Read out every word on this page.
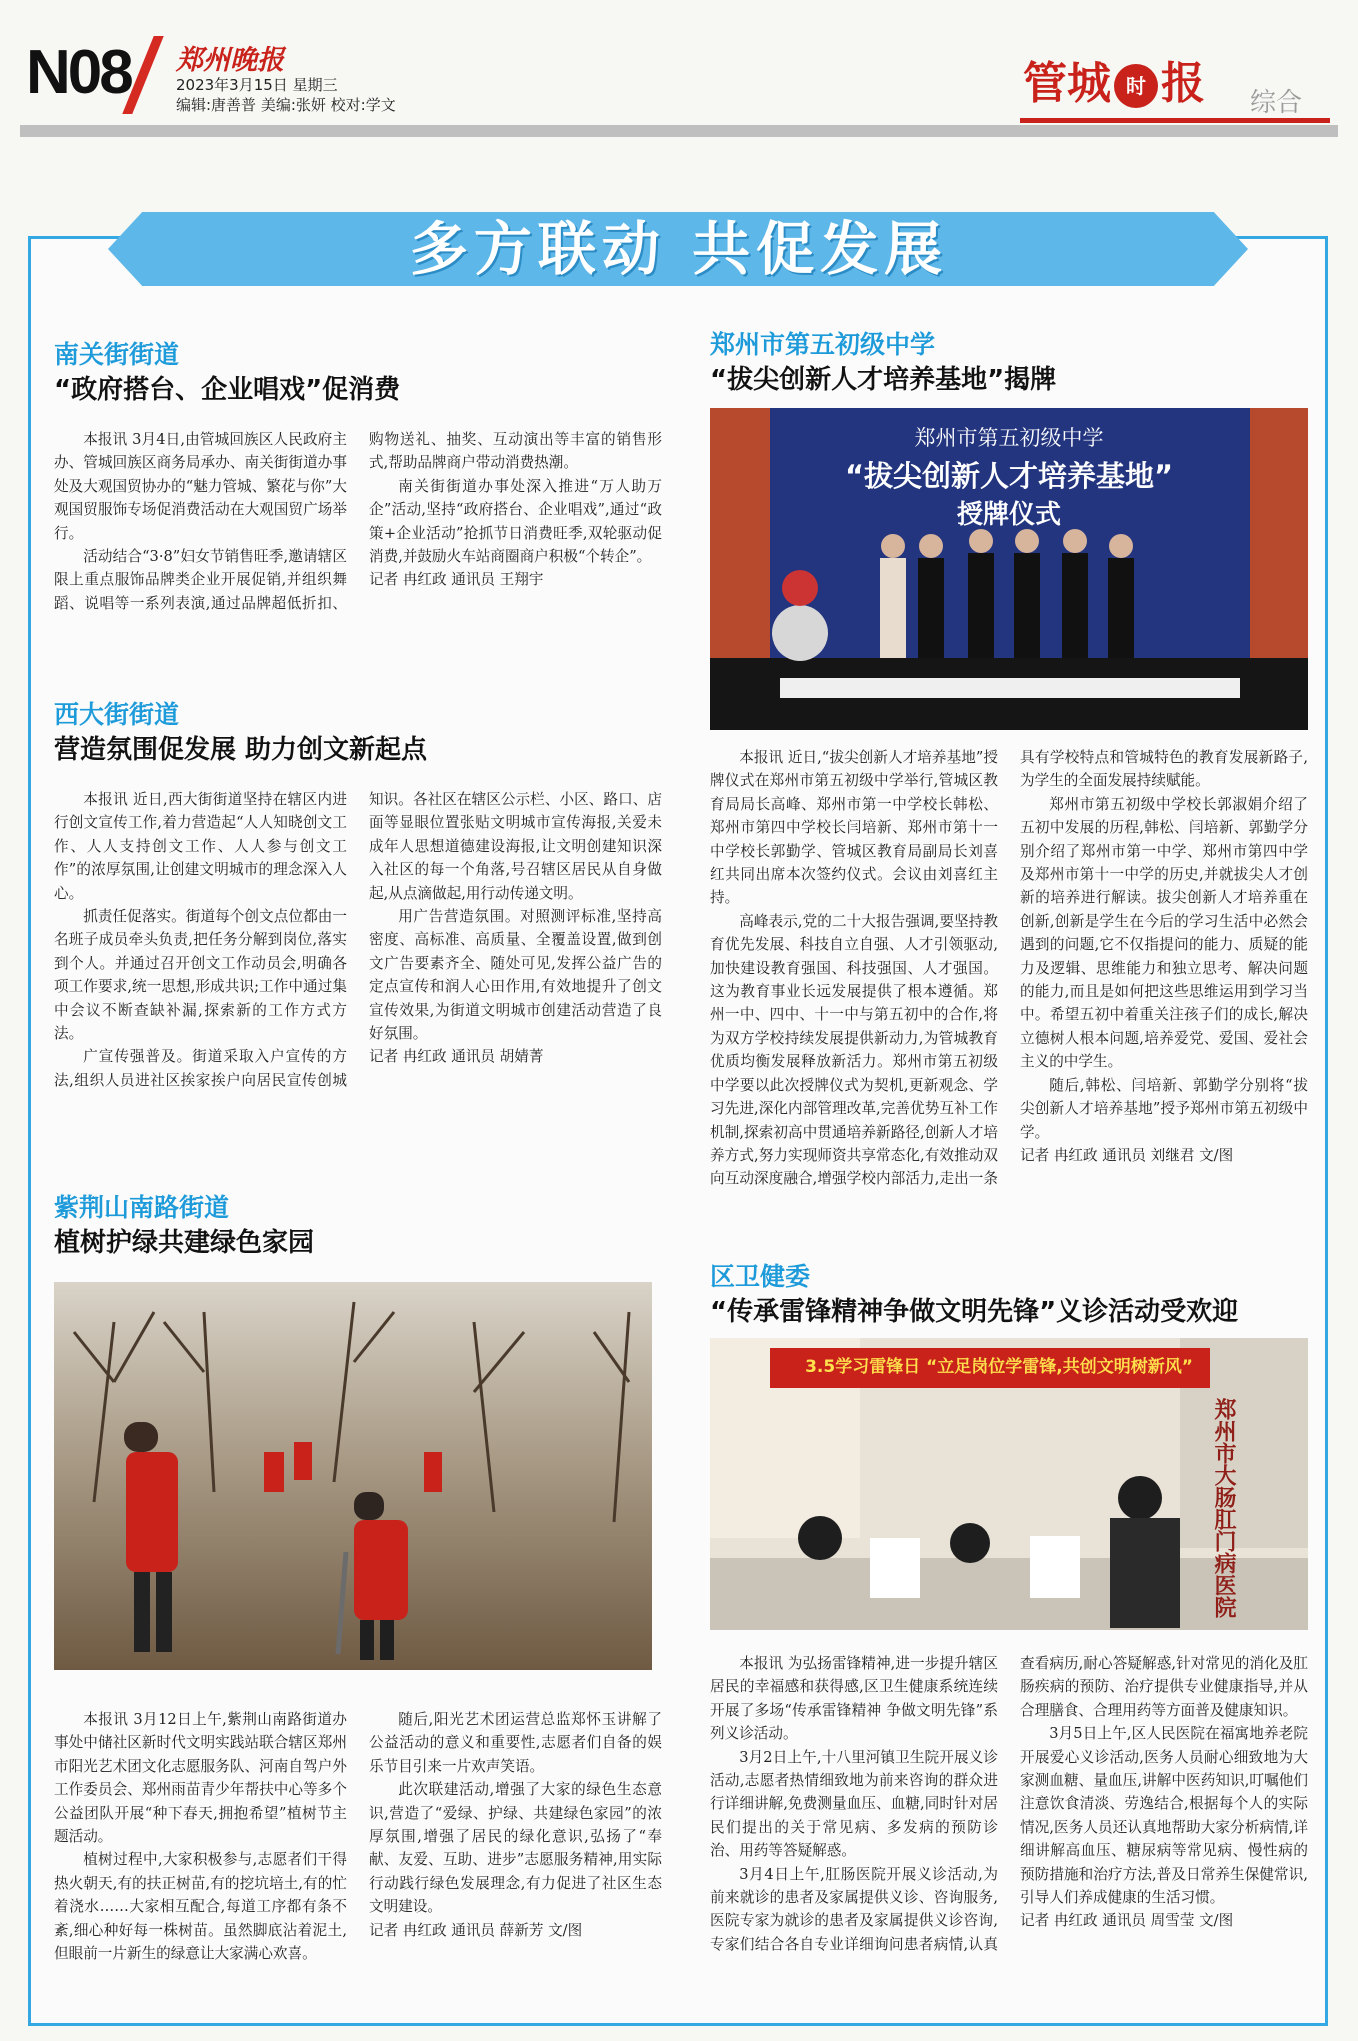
N08 郑州晚报
2023年3月15日 星期三
编辑:唐善普 美编:张妍 校对:学文	管城 时 报 综合
多方联动 共促发展
南关街街道
“政府搭台、企业唱戏”促消费

本报讯 3月4日,由管城回族区人民政府主办、管城回族区商务局承办、南关街街道办事处及大观国贸协办的“魅力管城、繁花与你”大观国贸服饰专场促消费活动在大观国贸广场举行。

活动结合“3·8”妇女节销售旺季,邀请辖区限上重点服饰品牌类企业开展促销,并组织舞蹈、说唱等一系列表演,通过品牌超低折扣、购物送礼、抽奖、互动演出等丰富的销售形式,帮助品牌商户带动消费热潮。

南关街街道办事处深入推进“万人助万企”活动,坚持“政府搭台、企业唱戏”,通过“政策+企业活动”抢抓节日消费旺季,双轮驱动促消费,并鼓励火车站商圈商户积极“个转企”。

记者 冉红政 通讯员 王翔宇

西大街街道
营造氛围促发展 助力创文新起点

本报讯 近日,西大街街道坚持在辖区内进行创文宣传工作,着力营造起“人人知晓创文工作、人人支持创文工作、人人参与创文工作”的浓厚氛围,让创建文明城市的理念深入人心。

抓责任促落实。街道每个创文点位都由一名班子成员牵头负责,把任务分解到岗位,落实到个人。并通过召开创文工作动员会,明确各项工作要求,统一思想,形成共识;工作中通过集中会议不断查缺补漏,探索新的工作方式方法。

广宣传强普及。街道采取入户宣传的方法,组织人员进社区挨家挨户向居民宣传创城知识。各社区在辖区公示栏、小区、路口、店面等显眼位置张贴文明城市宣传海报,关爱未成年人思想道德建设海报,让文明创建知识深入社区的每一个角落,号召辖区居民从自身做起,从点滴做起,用行动传递文明。

用广告营造氛围。对照测评标准,坚持高密度、高标准、高质量、全覆盖设置,做到创文广告要素齐全、随处可见,发挥公益广告的定点宣传和润人心田作用,有效地提升了创文宣传效果,为街道文明城市创建活动营造了良好氛围。

记者 冉红政 通讯员 胡婧菁

紫荆山南路街道
植树护绿共建绿色家园

本报讯 3月12日上午,紫荆山南路街道办事处中储社区新时代文明实践站联合辖区郑州市阳光艺术团文化志愿服务队、河南自驾户外工作委员会、郑州雨苗青少年帮扶中心等多个公益团队开展“种下春天,拥抱希望”植树节主题活动。

植树过程中,大家积极参与,志愿者们干得热火朝天,有的扶正树苗,有的挖坑培土,有的忙着浇水……大家相互配合,每道工序都有条不紊,细心种好每一株树苗。虽然脚底沾着泥土,但眼前一片新生的绿意让大家满心欢喜。

随后,阳光艺术团运营总监郑怀玉讲解了公益活动的意义和重要性,志愿者们自备的娱乐节目引来一片欢声笑语。

此次联建活动,增强了大家的绿色生态意识,营造了“爱绿、护绿、共建绿色家园”的浓厚氛围,增强了居民的绿化意识,弘扬了“奉献、友爱、互助、进步”志愿服务精神,用实际行动践行绿色发展理念,有力促进了社区生态文明建设。

记者 冉红政 通讯员 薛新芳 文/图

郑州市第五初级中学
“拔尖创新人才培养基地”揭牌
郑州市第五初级中学
“拔尖创新人才培养基地”
授牌仪式

本报讯 近日,“拔尖创新人才培养基地”授牌仪式在郑州市第五初级中学举行,管城区教育局局长高峰、郑州市第一中学校长韩松、郑州市第四中学校长闫培新、郑州市第十一中学校长郭勤学、管城区教育局副局长刘喜红共同出席本次签约仪式。会议由刘喜红主持。

高峰表示,党的二十大报告强调,要坚持教育优先发展、科技自立自强、人才引领驱动,加快建设教育强国、科技强国、人才强国。这为教育事业长远发展提供了根本遵循。郑州一中、四中、十一中与第五初中的合作,将为双方学校持续发展提供新动力,为管城教育优质均衡发展释放新活力。郑州市第五初级中学要以此次授牌仪式为契机,更新观念、学习先进,深化内部管理改革,完善优势互补工作机制,探索初高中贯通培养新路径,创新人才培养方式,努力实现师资共享常态化,有效推动双向互动深度融合,增强学校内部活力,走出一条具有学校特点和管城特色的教育发展新路子,为学生的全面发展持续赋能。

郑州市第五初级中学校长郭淑娟介绍了五初中发展的历程,韩松、闫培新、郭勤学分别介绍了郑州市第一中学、郑州市第四中学及郑州市第十一中学的历史,并就拔尖人才创新的培养进行解读。拔尖创新人才培养重在创新,创新是学生在今后的学习生活中必然会遇到的问题,它不仅指提问的能力、质疑的能力及逻辑、思维能力和独立思考、解决问题的能力,而且是如何把这些思维运用到学习当中。希望五初中着重关注孩子们的成长,解决立德树人根本问题,培养爱党、爱国、爱社会主义的中学生。

随后,韩松、闫培新、郭勤学分别将“拔尖创新人才培养基地”授予郑州市第五初级中学。

记者 冉红政 通讯员 刘继君 文/图

区卫健委
“传承雷锋精神争做文明先锋”义诊活动受欢迎
3.5学习雷锋日 “立足岗位学雷锋,共创文明树新风”
郑州市大肠肛门病医院

本报讯 为弘扬雷锋精神,进一步提升辖区居民的幸福感和获得感,区卫生健康系统连续开展了多场“传承雷锋精神 争做文明先锋”系列义诊活动。

3月2日上午,十八里河镇卫生院开展义诊活动,志愿者热情细致地为前来咨询的群众进行详细讲解,免费测量血压、血糖,同时针对居民们提出的关于常见病、多发病的预防诊治、用药等答疑解惑。

3月4日上午,肛肠医院开展义诊活动,为前来就诊的患者及家属提供义诊、咨询服务,医院专家为就诊的患者及家属提供义诊咨询,专家们结合各自专业详细询问患者病情,认真查看病历,耐心答疑解惑,针对常见的消化及肛肠疾病的预防、治疗提供专业健康指导,并从合理膳食、合理用药等方面普及健康知识。

3月5日上午,区人民医院在福寓地养老院开展爱心义诊活动,医务人员耐心细致地为大家测血糖、量血压,讲解中医药知识,叮嘱他们注意饮食清淡、劳逸结合,根据每个人的实际情况,医务人员还认真地帮助大家分析病情,详细讲解高血压、糖尿病等常见病、慢性病的预防措施和治疗方法,普及日常养生保健常识,引导人们养成健康的生活习惯。

记者 冉红政 通讯员 周雪莹 文/图
